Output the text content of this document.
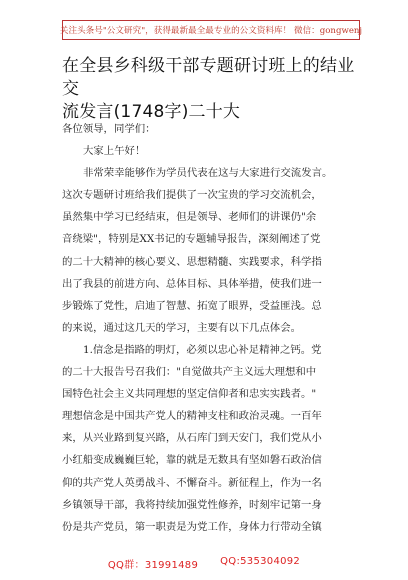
关注头条号"公文研究"，获得最新最全最专业的公文资料库！ 微信：gongwenj
在全县乡科级干部专题研讨班上的结业交
流发言(1748字)二十大
各位领导，同学们：
大家上午好！
非常荣幸能够作为学员代表在这与大家进行交流发言。
这次专题研讨班给我们提供了一次宝贵的学习交流机会，
虽然集中学习已经结束，但是领导、老师们的讲课仍"余
音绕梁"，特别是XX书记的专题辅导报告，深刻阐述了党
的二十大精神的核心要义、思想精髓、实践要求，科学指
出了我县的前进方向、总体目标、具体举措，使我们进一
步锻炼了党性，启迪了智慧、拓宽了眼界，受益匪浅。总
的来说，通过这几天的学习，主要有以下几点体会。
1.信念是指路的明灯，必须以忠心补足精神之钙。党
的二十大报告号召我们："自觉做共产主义远大理想和中
国特色社会主义共同理想的坚定信仰者和忠实实践者。"
理想信念是中国共产党人的精神支柱和政治灵魂。一百年
来，从兴业路到复兴路，从石库门到天安门，我们党从小
小红船变成巍巍巨轮，靠的就是无数具有坚如磐石政治信
仰的共产党人英勇战斗、不懈奋斗。新征程上，作为一名
乡镇领导干部，我将持续加强党性修养，时刻牢记第一身
份是共产党员，第一职责是为党工作，身体力行带动全镇
QQ群：31991489 QQ:535304092
